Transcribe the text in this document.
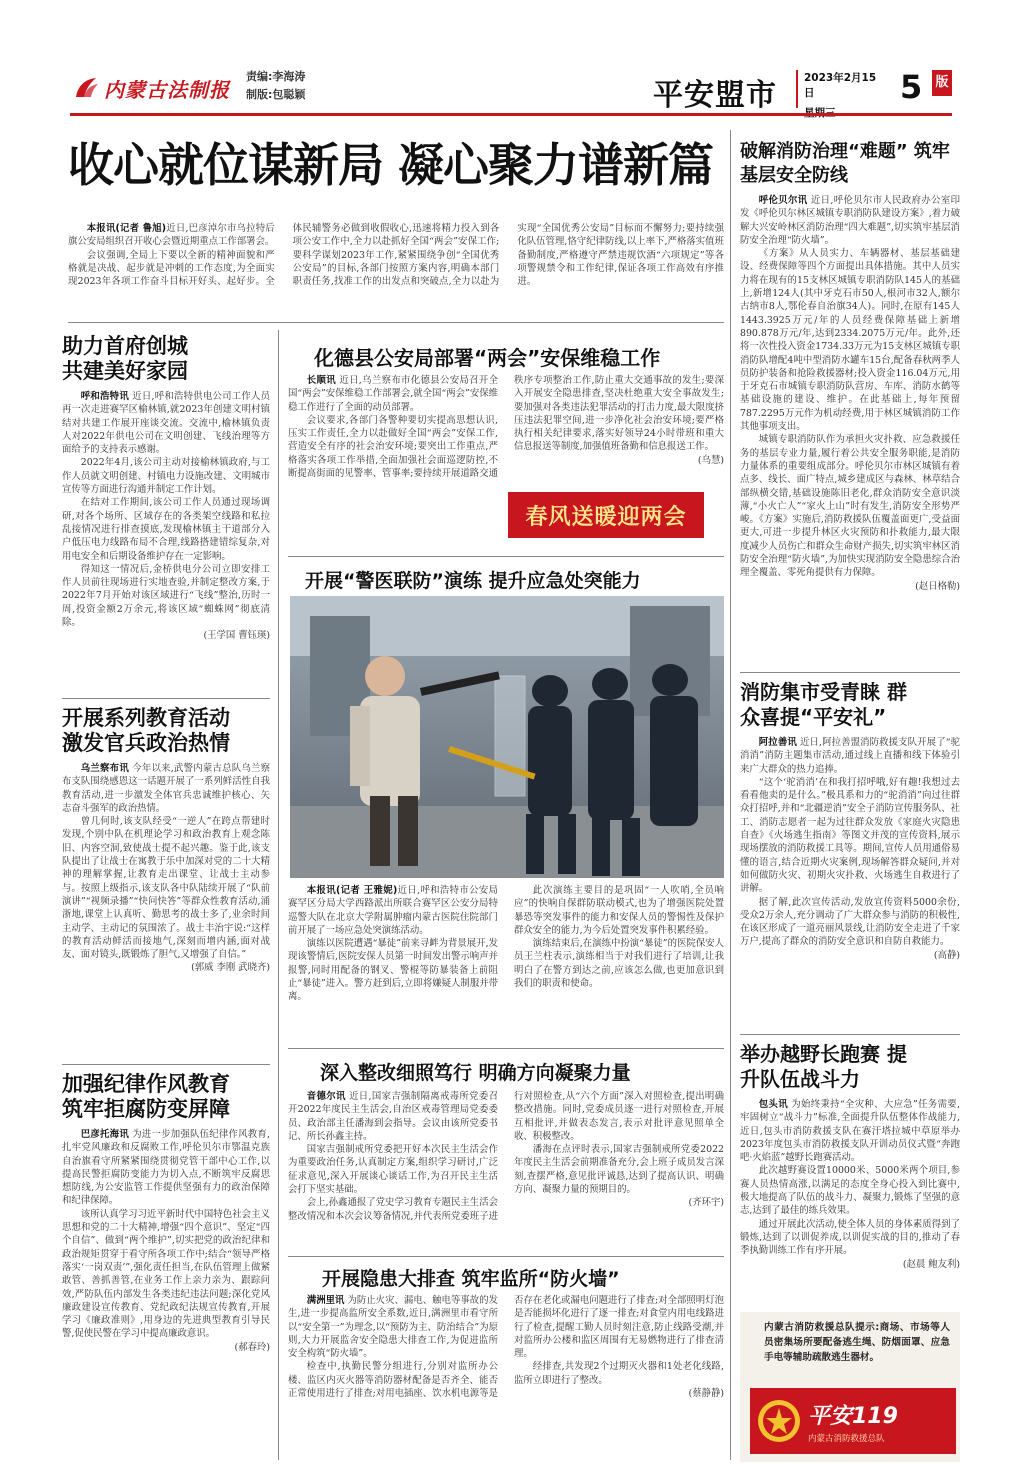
内蒙古法制报
责编:李海涛
制版:包聪颖	平安盟市	2023年2月15日	5 版
收心就位谋新局 凝心聚力谱新篇

本报讯(记者 鲁旭)近日,巴彦淖尔市乌拉特后旗公安局组织召开收心会暨近期重点工作部署会。

会议强调,全局上下要以全新的精神面貌和严格就是决战、起步就是冲刺的工作态度,为全面实现2023年各项工作奋斗目标开好头、起好步。全体民辅警务必做到收假收心,迅速将精力投入到各项公安工作中,全力以赴抓好全国“两会”安保工作;要科学谋划2023年工作,紧紧围绕争创“全国优秀公安局”的目标,各部门按照方案内容,明确本部门职责任务,找准工作的出发点和突破点,全力以赴为实现“全国优秀公安局”目标而不懈努力;要持续强化队伍管理,恪守纪律防线,以上率下,严格落实值班备勤制度,严格遵守严禁违规饮酒“六项规定”等各项警规禁令和工作纪律,保证各项工作高效有序推进。

助力首府创城 共建美好家园

呼和浩特讯 近日,呼和浩特供电公司工作人员再一次走进赛罕区榆林镇,就2023年创建文明村镇结对共建工作展开座谈交流。交流中,榆林镇负责人对2022年供电公司在文明创建、飞线治理等方面给予的支持表示感谢。

2022年4月,该公司主动对接榆林镇政府,与工作人员就文明创建、村镇电力设施改建、文明城市宣传等方面进行沟通并制定工作计划。

在结对工作期间,该公司工作人员通过现场调研,对各个场所、区域存在的各类架空线路和私拉乱接情况进行排查摸底,发现榆林镇主干道部分入户低压电力线路布局不合理,线路搭建错综复杂,对用电安全和后期设备维护存在一定影响。

得知这一情况后,金桥供电分公司立即安排工作人员前往现场进行实地查验,并制定整改方案,于2022年7月开始对该区域进行“飞线”整治,历时一周,投资金额2万余元,将该区域“蜘蛛网”彻底清除。

(王学国 曹钰瑛)

开展系列教育活动 激发官兵政治热情

乌兰察布讯 今年以来,武警内蒙古总队乌兰察布支队围绕感恩这一话题开展了一系列鲜活性自我教育活动,进一步激发全体官兵忠诚维护核心、矢志奋斗强军的政治热情。

曾几何时,该支队经受“一逆人”在跨点帮建时发现,个别中队在机理论学习和政治教育上观念陈旧、内容空洞,致使战士提不起兴趣。鉴于此,该支队提出了让战士在寓教于乐中加深对党的二十大精神的理解掌握,让教育走出课堂、让战士主动参与。按照上级指示,该支队各中队陆续开展了“队前演讲”“视频录播”“快问快答”等群众性教育活动,涌浙地,课堂上认真听、勤思考的战士多了,业余时间主动学、主动记的氛围浓了。战士丰治宇说:“这样的教育活动鲜活而接地气,深刻而增内涵,面对战友、面对镜头,既锻炼了胆气,又增强了自信。”

(郭威 李刚 武晓齐)

加强纪律作风教育 筑牢拒腐防变屏障

巴彦托海讯 为进一步加强队伍纪律作风教育,扎牢党风廉政和反腐败工作,呼伦贝尔市鄂温克族自治旗看守所紧紧围绕贯彻党管干部中心工作,以提高民警拒腐防变能力为切入点,不断筑牢反腐思想防线,为公安监管工作提供坚强有力的政治保障和纪律保障。

该所认真学习习近平新时代中国特色社会主义思想和党的二十大精神,增强“四个意识”、坚定“四个自信”、做到“两个维护”,切实把党的政治纪律和政治规矩贯穿于看守所各项工作中;结合“领导严格落实‘一岗双责’”,强化责任担当,在队伍管理上做紧敢管、善抓善管,在业务工作上亲力亲为、跟踪问效,严防队伍内部发生各类违纪违法问题;深化党风廉政建设宣传教育、党纪政纪法规宣传教育,开展学习《廉政准则》,用身边的先进典型教育引导民警,促使民警在学习中提高廉政意识。

(郝春玲)

化德县公安局部署“两会”安保维稳工作

长顺讯 近日,乌兰察布市化德县公安局召开全国“两会”安保维稳工作部署会,就全国“两会”安保维稳工作进行了全面的动员部署。

会议要求,各部门各警种要切实提高思想认识,压实工作责任,全力以赴做好全国“两会”安保工作,营造安全有序的社会治安环境;要突出工作重点,严格落实各项工作举措,全面加强社会面巡逻防控,不断提高街面的见警率、管事率;要持续开展道路交通秩序专项整治工作,防止重大交通事故的发生;要深入开展安全隐患排查,坚决杜绝重大安全事故发生;要加强对各类违法犯罪活动的打击力度,最大限度挤压违法犯罪空间,进一步净化社会治安环境;要严格执行相关纪律要求,落实好领导24小时带班和重大信息报送等制度,加强值班备勤和信息报送工作。

(乌慧)

春风送暖迎两会
开展“警医联防”演练 提升应急处突能力

本报讯(记者 王雅妮)近日,呼和浩特市公安局赛罕区分局大学西路派出所联合赛罕区公安分局特巡警大队在北京大学附属肿瘤内蒙古医院住院部门前开展了一场应急处突演练活动。

演练以医院遭遇“暴徒”前来寻衅为背景展开,发现该警情后,医院安保人员第一时间发出警示响声并报警,同时用配备的钢叉、警棍等防暴装备上前阻止“暴徒”进入。警方赶到后,立即将嫌疑人制服并带离。

此次演练主要目的是巩固“一人吹哨,全员响应”的快响自保群防联动模式,也为了增强医院处置暴恐等突发事件的能力和安保人员的警惕性及保护群众安全的能力,为今后处置突发事件积累经验。

演练结束后,在演练中扮演“暴徒”的医院保安人员王兰柱表示,演练相当于对我们进行了培训,让我明白了在警方到达之前,应该怎么做,也更加意识到我们的职责和使命。

深入整改细照笃行 明确方向凝聚力量

音德尔讯 近日,国家吉强制隔离戒毒所党委召开2022年度民主生活会,自治区戒毒管理局党委委员、政治部主任潘海到会指导。会议由该所党委书记、所长孙鑫主持。

国家吉强制戒所党委把开好本次民主生活会作为重要政治任务,认真制定方案,组织学习研讨,广泛征求意见,深入开展谈心谈话工作,为召开民主生活会打下坚实基础。

会上,孙鑫通报了党史学习教育专题民主生活会整改情况和本次会议筹备情况,并代表所党委班子进行对照检查,从“六个方面”深入对照检查,提出明确整改措施。同时,党委成员逐一进行对照检查,开展互相批评,并做表态发言,表示对批评意见照单全收、积极整改。

潘海在点评时表示,国家吉强制戒所党委2022年度民主生活会前期准备充分,会上班子成员发言深刻,查摆严格,意见批评诚恳,达到了提高认识、明确方向、凝聚力量的预期目的。

(齐环宇)

开展隐患大排查 筑牢监所“防火墙”

满洲里讯 为防止火灾、漏电、触电等事故的发生,进一步提高监所安全系数,近日,满洲里市看守所以“安全第一”为理念,以“预防为主、防治结合”为原则,大力开展监舍安全隐患大排查工作,为促进监所安全构筑“防火墙”。

检查中,执勤民警分组进行,分别对监所办公楼、监区内灭火器等消防器材配备是否齐全、能否正常使用进行了排查;对用电插座、饮水机电源等是否存在老化或漏电问题进行了排查;对全部照明灯泡是否能损坏化进行了逐一排查;对食堂内用电线路进行了检查,提醒工勤人员时刻注意,防止线路受潮,并对监所办公楼和监区周围有无易燃物进行了排查清理。

经排查,共发现2个过期灭火器和1处老化线路,监所立即进行了整改。

(蔡静静)

破解消防治理“难题” 筑牢基层安全防线

呼伦贝尔讯 近日,呼伦贝尔市人民政府办公室印发《呼伦贝尔林区城镇专职消防队建设方案》,着力破解大兴安岭林区消防治理“四大难题”,切实筑牢基层消防安全治理“防火墙”。

《方案》从人员实力、车辆器材、基层基础建设、经费保障等四个方面提出具体措施。其中人员实力将在现有的15支林区城镇专职消防队145人的基础上,新增124人(其中牙克石市50人,根河市32人,额尔古纳市8人,鄂伦春自治旗34人)。同时,在原有145人1443.3925万元/年的人员经费保障基础上新增890.878万元/年,达到2334.2075万元/年。此外,还将一次性投入资金1734.33万元为15支林区城镇专职消防队增配4吨中型消防水罐车15台,配备春秋两季人员防护装备和抢险救援器材;投入资金116.04万元,用于牙克石市城镇专职消防队营房、车库、消防水鹤等基础设施的建设、维护。在此基础上,每年预留787.2295万元作为机动经费,用于林区城镇消防工作其他事项支出。

城镇专职消防队作为承担火灾扑救、应急救援任务的基层专业力量,履行着公共安全服务职能,是消防力量体系的重要组成部分。呼伦贝尔市林区城镇有着点多、线长、面广特点,城乡建成区与森林、林草结合部纵横交错,基础设施陈旧老化,群众消防安全意识淡薄,“小火亡人”“家火上山”时有发生,消防安全形势严峻。《方案》实施后,消防救援队伍覆盖面更广,受益面更大,可进一步提升林区火灾预防和扑救能力,最大限度减少人员伤亡和群众生命财产损失,切实筑牢林区消防安全治理“防火墙”,为加快实现消防安全隐患综合治理全覆盖、零死角提供有力保障。

(赵日格勒)

消防集市受青睐 群众喜提“平安礼”

阿拉善讯 近日,阿拉善盟消防救援支队开展了“驼消消”消防主题集市活动,通过线上直播和线下体验引来广大群众的热力追捧。

“这个‘驼消消’在和我打招呼哦,好有趣!我想过去看看他卖的是什么。”极具系和力的“驼消消”向过往群众打招呼,并和“北疆逆消”安全子消防宣传服务队、社工、消防志愿者一起为过往群众发放《家庭火灾隐患自查》《火场逃生指南》等图文并茂的宣传资料,展示现场摆放的消防救援工具等。期间,宣传人员用通俗易懂的语言,结合近期火灾案例,现场解答群众疑问,并对如何做防火灾、初期火灾扑救、火场逃生自救进行了讲解。

据了解,此次宣传活动,发放宣传资料5000余份,受众2万余人,充分调动了广大群众参与消防的积极性,在该区形成了一道亮丽风景线,让消防安全走进了千家万户,提高了群众的消防安全意识和自防自救能力。

(高静)

举办越野长跑赛 提升队伍战斗力

包头讯 为始终秉持“全灾种、大应急”任务需要,牢固树立“战斗力”标准,全面提升队伍整体作战能力,近日,包头市消防救援支队在赛汗塔拉城中草原举办2023年度包头市消防救援支队开训动员仪式暨“奔跑吧·火焰蓝”越野长跑赛活动。

此次越野赛设置10000米、5000米两个项目,参赛人员热情高涨,以满足的态度全身心投入到比赛中,极大地提高了队伍的战斗力、凝聚力,锻炼了坚强的意志,达到了最佳的练兵效果。

通过开展此次活动,使全体人员的身体素质得到了锻炼,达到了以训促养成,以训促实战的目的,推动了春季执勤训练工作有序开展。

(赵晨 鲍友利)

内蒙古消防救援总队提示:商场、市场等人员密集场所要配备逃生绳、防烟面罩、应急手电等辅助疏散逃生器材。
平安119
内蒙古消防救援总队
